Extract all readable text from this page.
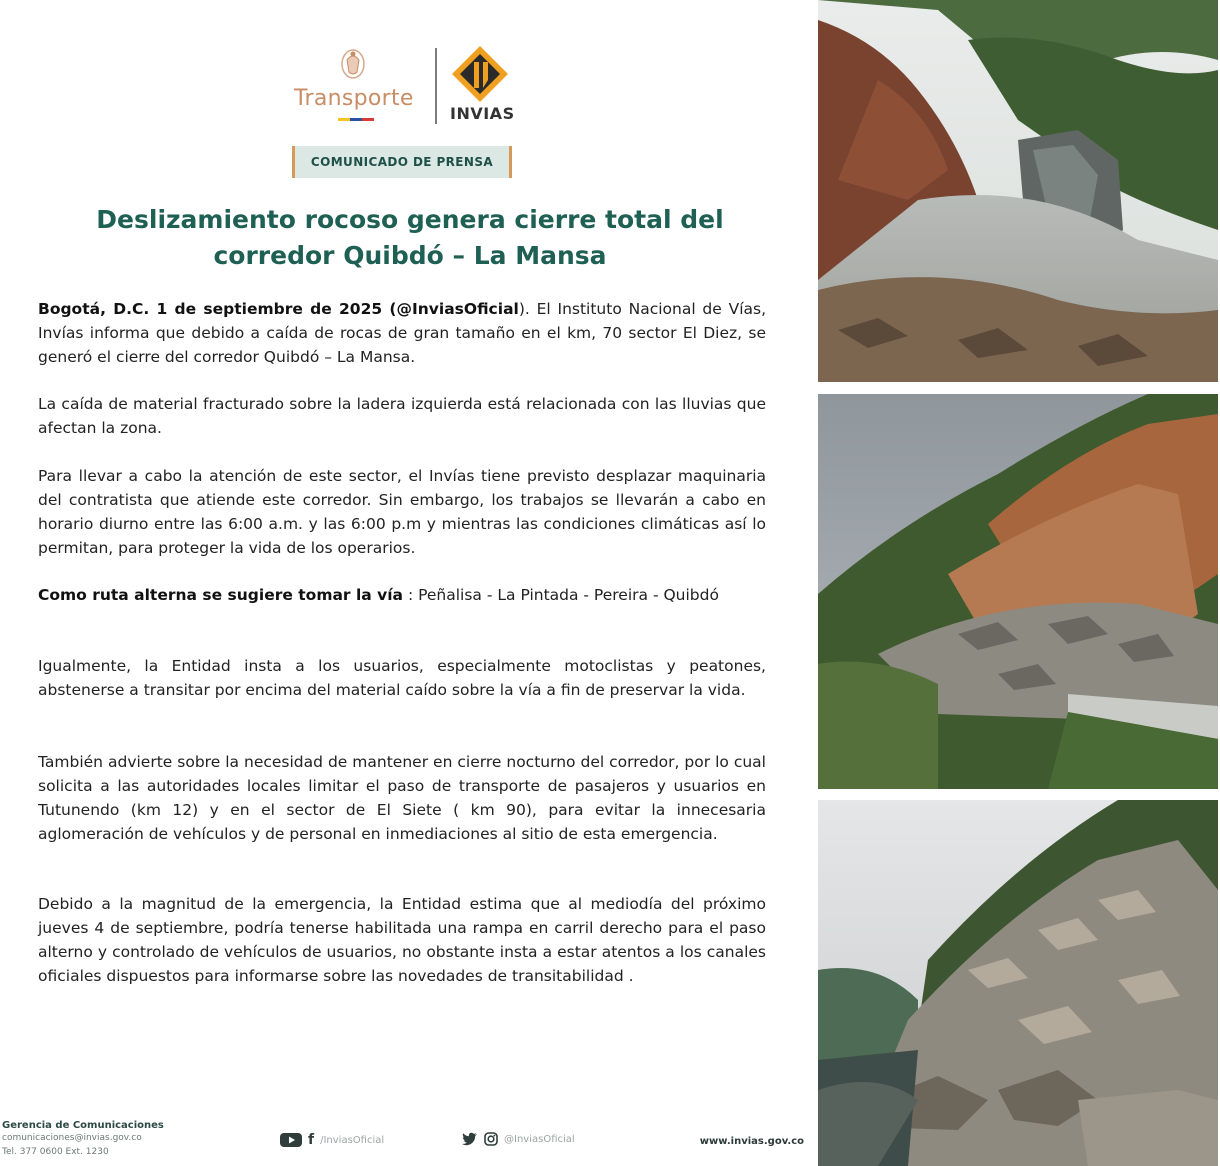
Transporte
INVIAS
COMUNICADO DE PRENSA
Deslizamiento rocoso genera cierre total del
corredor Quibdó – La Mansa

Bogotá, D.C. 1 de septiembre de 2025 (@InviasOficial). El Instituto Nacional de Vías, Invías informa que debido a caída de rocas de gran tamaño en el km, 70 sector El Diez, se generó el cierre del corredor Quibdó – La Mansa.

La caída de material fracturado sobre la ladera izquierda está relacionada con las lluvias que afectan la zona.

Para llevar a cabo la atención de este sector, el Invías tiene previsto desplazar maquinaria del contratista que atiende este corredor. Sin embargo, los trabajos se llevarán a cabo en horario diurno entre las 6:00 a.m. y las 6:00 p.m y mientras las condiciones climáticas así lo permitan, para proteger la vida de los operarios.

Como ruta alterna se sugiere tomar la vía : Peñalisa - La Pintada - Pereira - Quibdó

Igualmente, la Entidad insta a los usuarios, especialmente motoclistas y peatones, abstenerse a transitar por encima del material caído sobre la vía a fin de preservar la vida.

También advierte sobre la necesidad de mantener en cierre nocturno del corredor, por lo cual solicita a las autoridades locales limitar el paso de transporte de pasajeros y usuarios en Tutunendo (km 12) y en el sector de El Siete ( km 90), para evitar la innecesaria aglomeración de vehículos y de personal en inmediaciones al sitio de esta emergencia.

Debido a la magnitud de la emergencia, la Entidad estima que al mediodía del próximo jueves 4 de septiembre, podría tenerse habilitada una rampa en carril derecho para el paso alterno y controlado de vehículos de usuarios, no obstante insta a estar atentos a los canales oficiales dispuestos para informarse sobre las novedades de transitabilidad .

Gerencia de Comunicaciones
comunicaciones@invias.gov.co
Tel. 377 0600 Ext. 1230
f /InviasOficial	@InviasOficial	www.invias.gov.co
